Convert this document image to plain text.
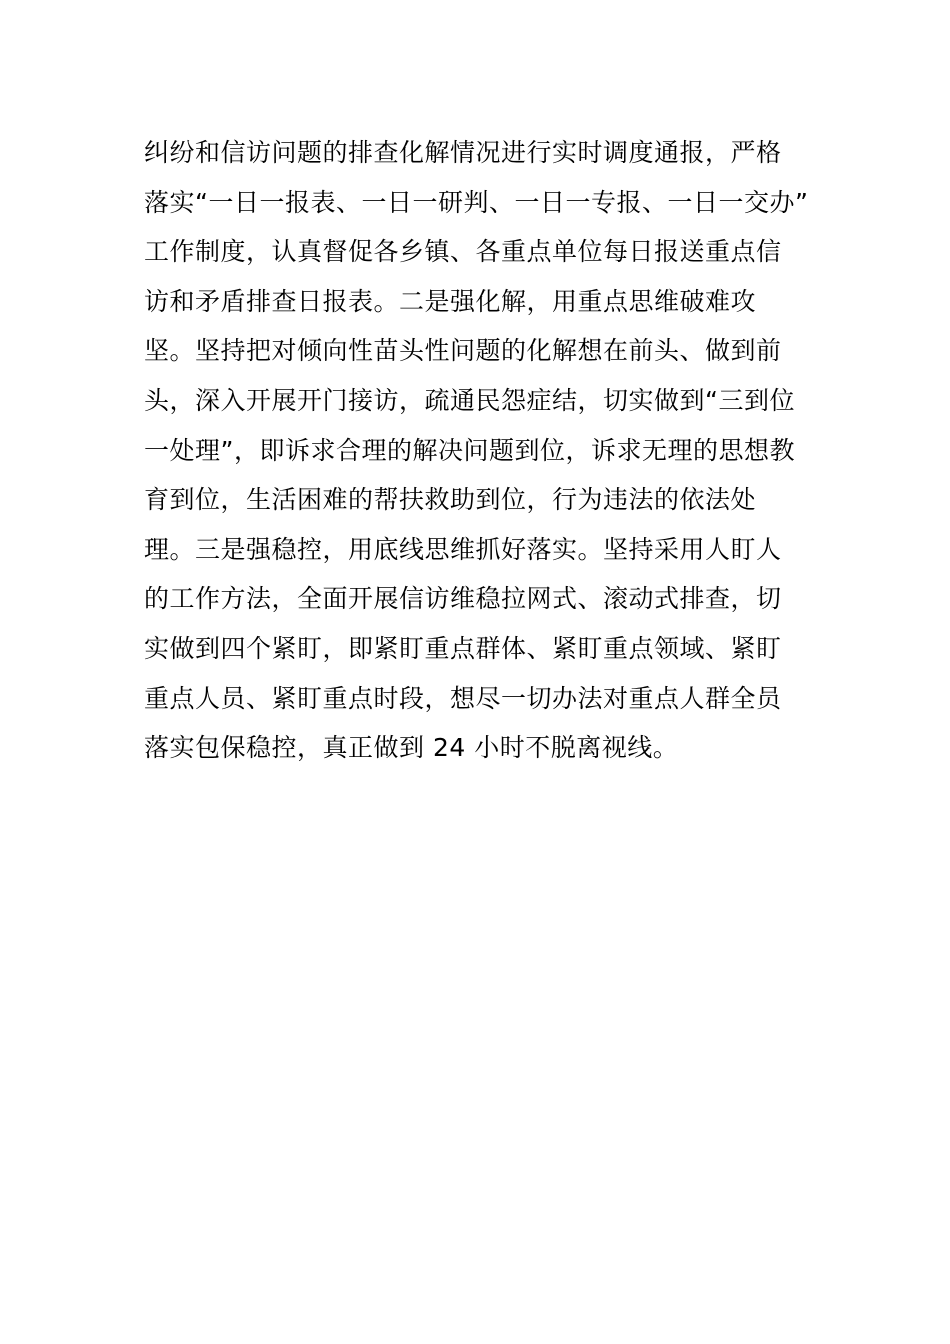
纠纷和信访问题的排查化解情况进行实时调度通报，严格
落实“一日一报表、一日一研判、一日一专报、一日一交办”
工作制度，认真督促各乡镇、各重点单位每日报送重点信
访和矛盾排查日报表。二是强化解，用重点思维破难攻
坚。坚持把对倾向性苗头性问题的化解想在前头、做到前
头，深入开展开门接访，疏通民怨症结，切实做到“三到位
一处理”，即诉求合理的解决问题到位，诉求无理的思想教
育到位，生活困难的帮扶救助到位，行为违法的依法处
理。三是强稳控，用底线思维抓好落实。坚持采用人盯人
的工作方法，全面开展信访维稳拉网式、滚动式排查，切
实做到四个紧盯，即紧盯重点群体、紧盯重点领域、紧盯
重点人员、紧盯重点时段，想尽一切办法对重点人群全员
落实包保稳控，真正做到 24 小时不脱离视线。
